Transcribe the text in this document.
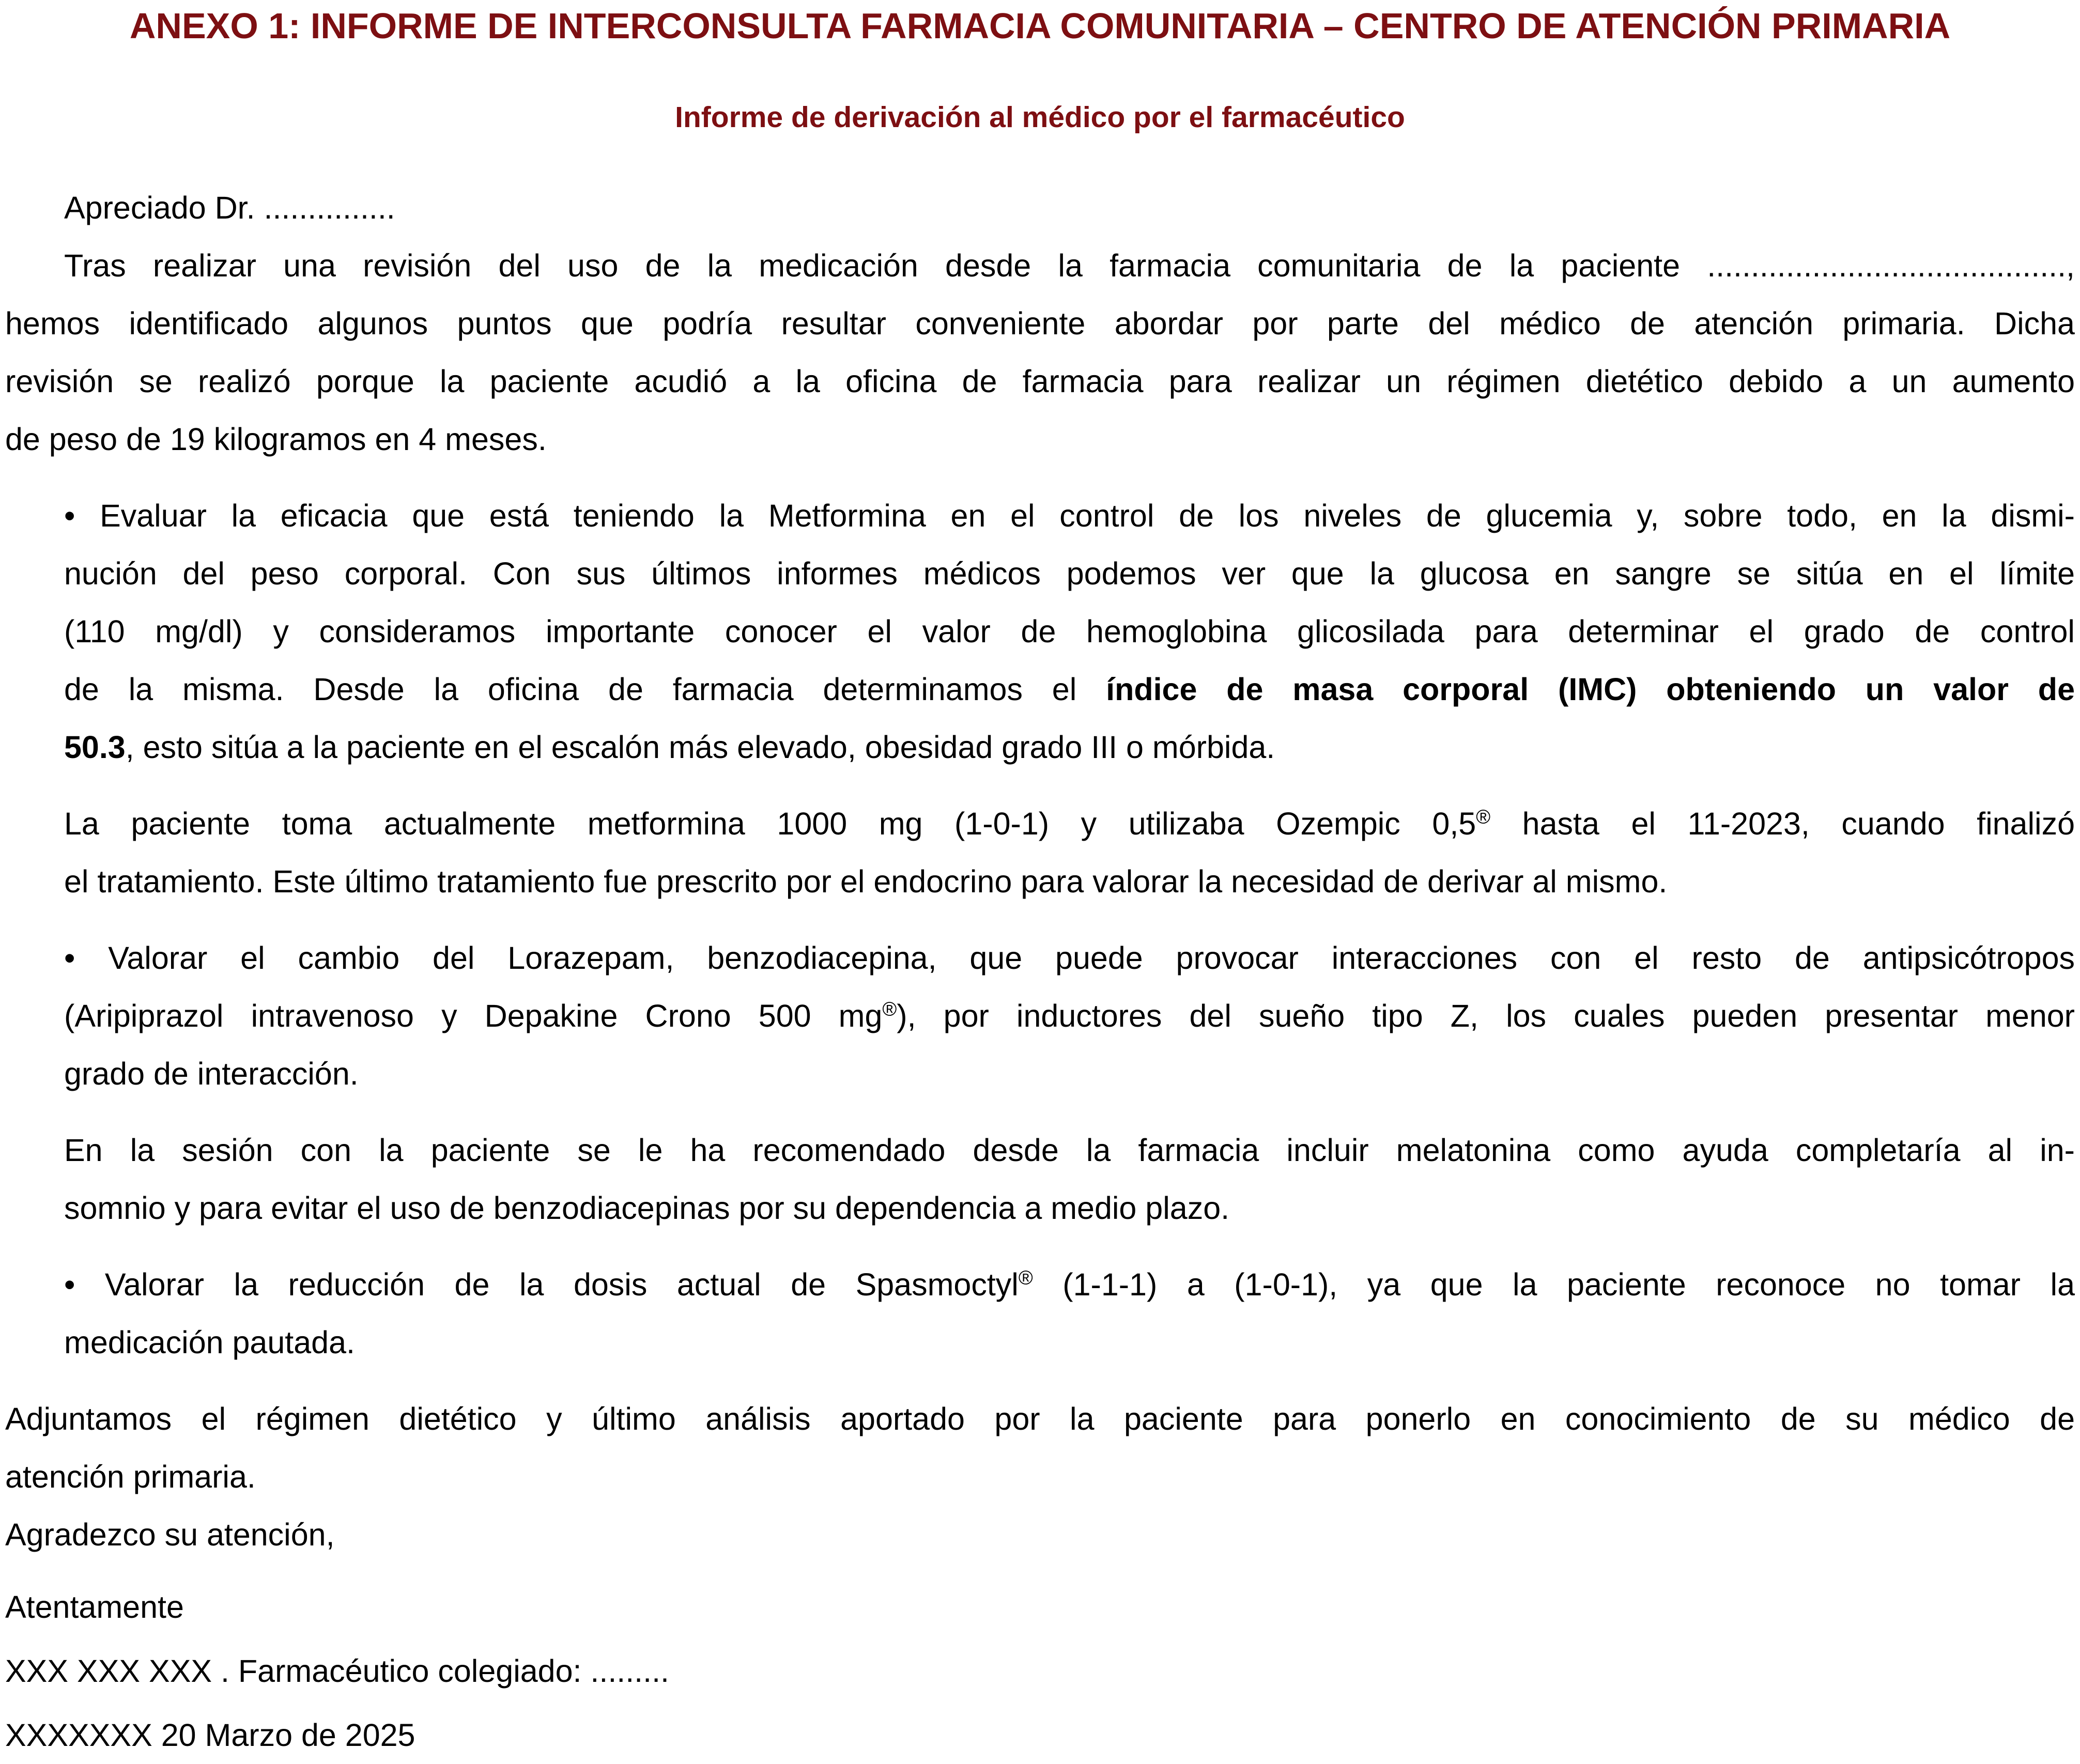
ANEXO 1: INFORME DE INTERCONSULTA FARMACIA COMUNITARIA – CENTRO DE ATENCIÓN PRIMARIA
Informe de derivación al médico por el farmacéutico
Apreciado Dr. ...............
Tras realizar una revisión del uso de la medicación desde la farmacia comunitaria de la paciente .........................................,
hemos identificado algunos puntos que podría resultar conveniente abordar por parte del médico de atención primaria. Dicha
revisión se realizó porque la paciente acudió a la oficina de farmacia para realizar un régimen dietético debido a un aumento
de peso de 19 kilogramos en 4 meses.
• Evaluar la eficacia que está teniendo la Metformina en el control de los niveles de glucemia y, sobre todo, en la dismi-
nución del peso corporal. Con sus últimos informes médicos podemos ver que la glucosa en sangre se sitúa en el límite
(110 mg/dl) y consideramos importante conocer el valor de hemoglobina glicosilada para determinar el grado de control
de la misma. Desde la oficina de farmacia determinamos el índice de masa corporal (IMC) obteniendo un valor de
50.3, esto sitúa a la paciente en el escalón más elevado, obesidad grado III o mórbida.
La paciente toma actualmente metformina 1000 mg (1-0-1) y utilizaba Ozempic 0,5® hasta el 11-2023, cuando finalizó
el tratamiento. Este último tratamiento fue prescrito por el endocrino para valorar la necesidad de derivar al mismo.
• Valorar el cambio del Lorazepam, benzodiacepina, que puede provocar interacciones con el resto de antipsicótropos
(Aripiprazol intravenoso y Depakine Crono 500 mg®), por inductores del sueño tipo Z, los cuales pueden presentar menor
grado de interacción.
En la sesión con la paciente se le ha recomendado desde la farmacia incluir melatonina como ayuda completaría al in-
somnio y para evitar el uso de benzodiacepinas por su dependencia a medio plazo.
• Valorar la reducción de la dosis actual de Spasmoctyl® (1-1-1) a (1-0-1), ya que la paciente reconoce no tomar la
medicación pautada.
Adjuntamos el régimen dietético y último análisis aportado por la paciente para ponerlo en conocimiento de su médico de
atención primaria.
Agradezco su atención,
Atentamente
XXX XXX XXX . Farmacéutico colegiado: .........
XXXXXXX 20 Marzo de 2025
